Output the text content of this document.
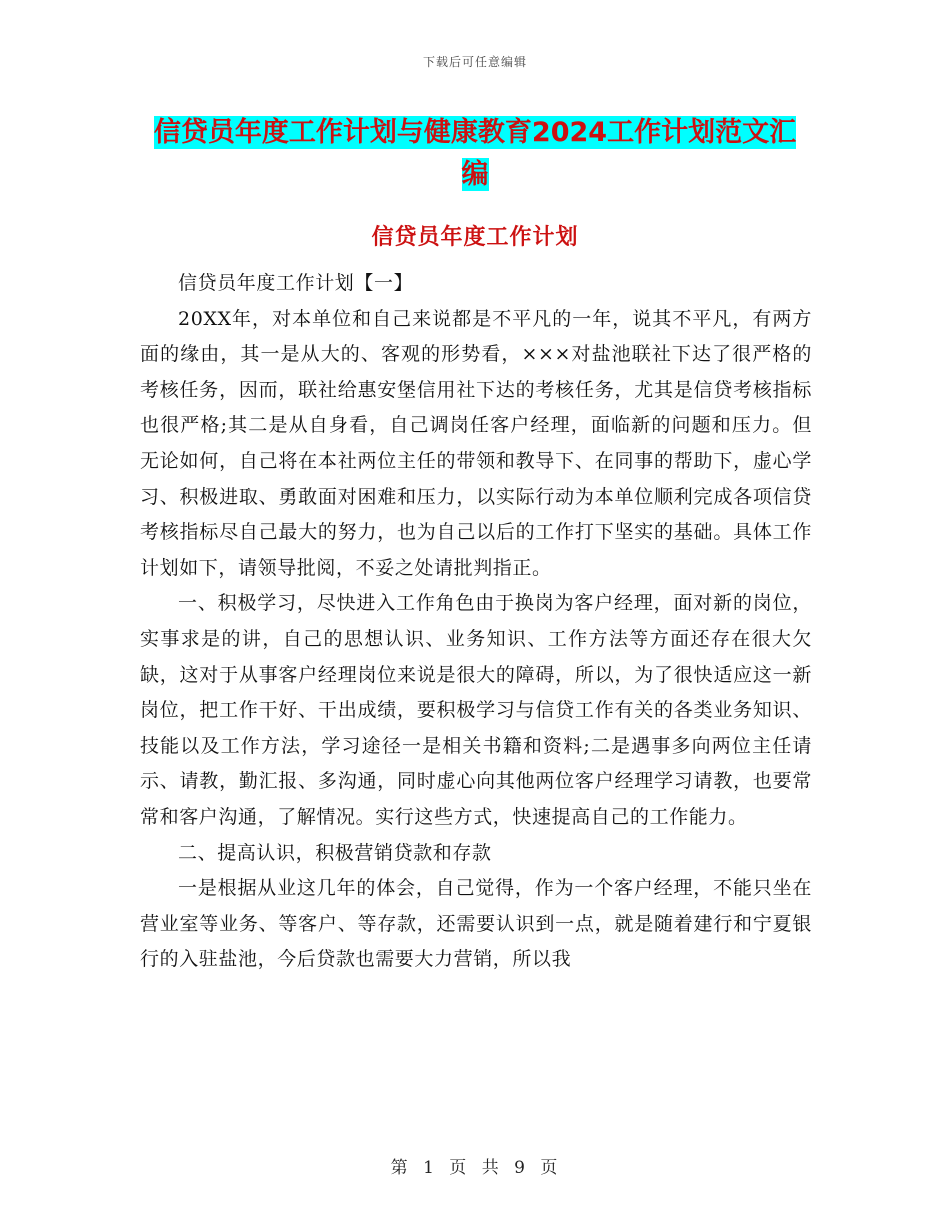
下载后可任意编辑
信贷员年度工作计划与健康教育2024工作计划范文汇
编
信贷员年度工作计划

信贷员年度工作计划【一】

20XX年，对本单位和自己来说都是不平凡的一年，说其不平凡，有两方面的缘由，其一是从大的、客观的形势看，×××对盐池联社下达了很严格的考核任务，因而，联社给惠安堡信用社下达的考核任务，尤其是信贷考核指标也很严格;其二是从自身看，自己调岗任客户经理，面临新的问题和压力。但无论如何，自己将在本社两位主任的带领和教导下、在同事的帮助下，虚心学习、积极进取、勇敢面对困难和压力，以实际行动为本单位顺利完成各项信贷考核指标尽自己最大的努力，也为自己以后的工作打下坚实的基础。具体工作计划如下，请领导批阅，不妥之处请批判指正。

一、积极学习，尽快进入工作角色由于换岗为客户经理，面对新的岗位，实事求是的讲，自己的思想认识、业务知识、工作方法等方面还存在很大欠缺，这对于从事客户经理岗位来说是很大的障碍，所以，为了很快适应这一新岗位，把工作干好、干出成绩，要积极学习与信贷工作有关的各类业务知识、技能以及工作方法，学习途径一是相关书籍和资料;二是遇事多向两位主任请示、请教，勤汇报、多沟通，同时虚心向其他两位客户经理学习请教，也要常常和客户沟通，了解情况。实行这些方式，快速提高自己的工作能力。

二、提高认识，积极营销贷款和存款

一是根据从业这几年的体会，自己觉得，作为一个客户经理，不能只坐在营业室等业务、等客户、等存款，还需要认识到一点，就是随着建行和宁夏银行的入驻盐池，今后贷款也需要大力营销，所以我

第 1 页 共 9 页
